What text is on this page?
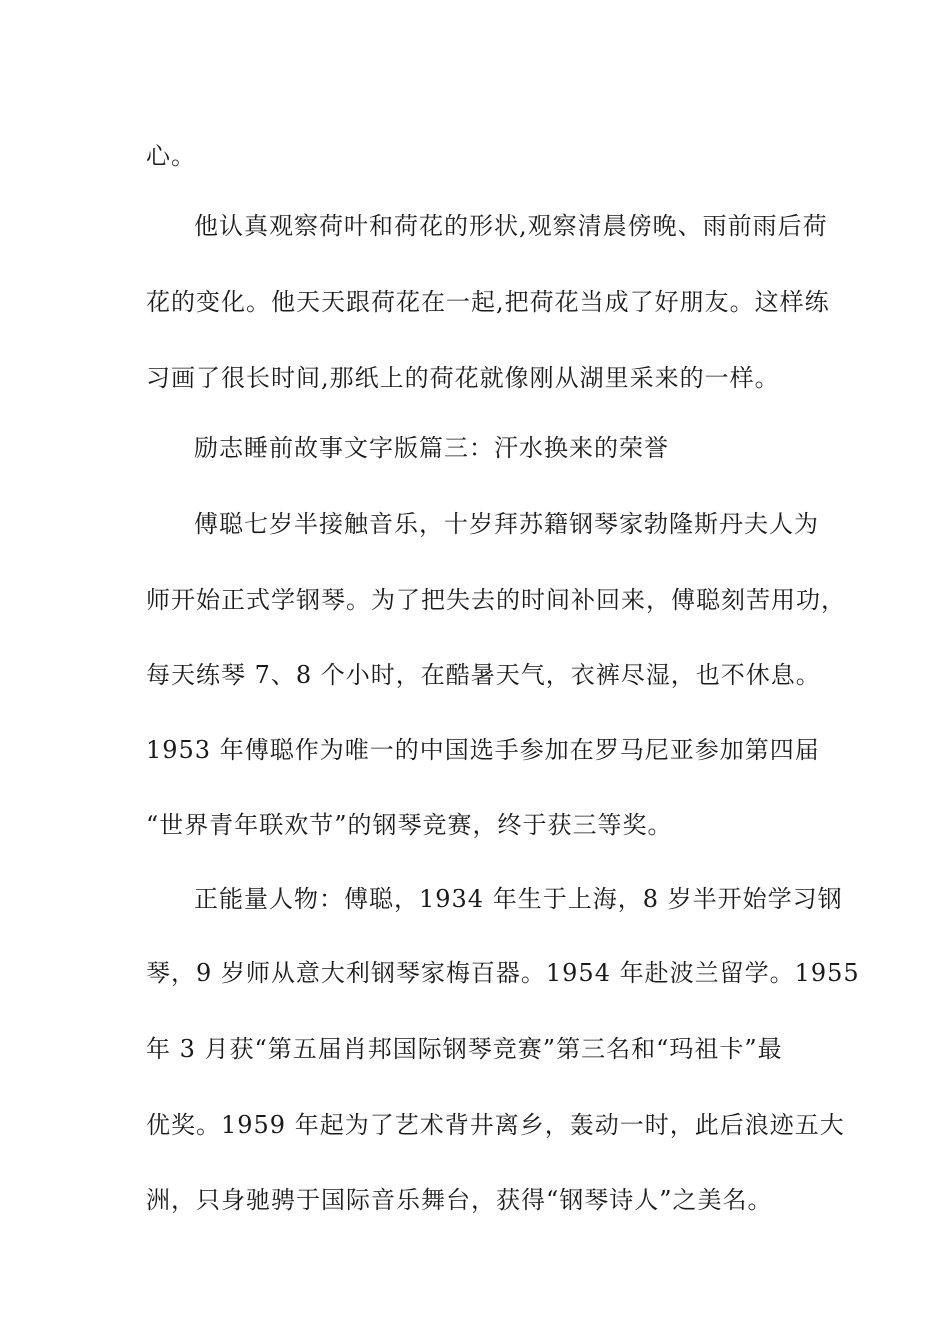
心。
他认真观察荷叶和荷花的形状,观察清晨傍晚、雨前雨后荷
花的变化。他天天跟荷花在一起,把荷花当成了好朋友。这样练
习画了很长时间,那纸上的荷花就像刚从湖里采来的一样。
励志睡前故事文字版篇三：汗水换来的荣誉
傅聪七岁半接触音乐，十岁拜苏籍钢琴家勃隆斯丹夫人为
师开始正式学钢琴。为了把失去的时间补回来，傅聪刻苦用功，
每天练琴 7、8 个小时，在酷暑天气，衣裤尽湿，也不休息。
1953 年傅聪作为唯一的中国选手参加在罗马尼亚参加第四届
“世界青年联欢节”的钢琴竞赛，终于获三等奖。
正能量人物：傅聪，1934 年生于上海，8 岁半开始学习钢
琴，9 岁师从意大利钢琴家梅百器。1954 年赴波兰留学。1955
年 3 月获“第五届肖邦国际钢琴竞赛”第三名和“玛祖卡”最
优奖。1959 年起为了艺术背井离乡，轰动一时，此后浪迹五大
洲，只身驰骋于国际音乐舞台，获得“钢琴诗人”之美名。
